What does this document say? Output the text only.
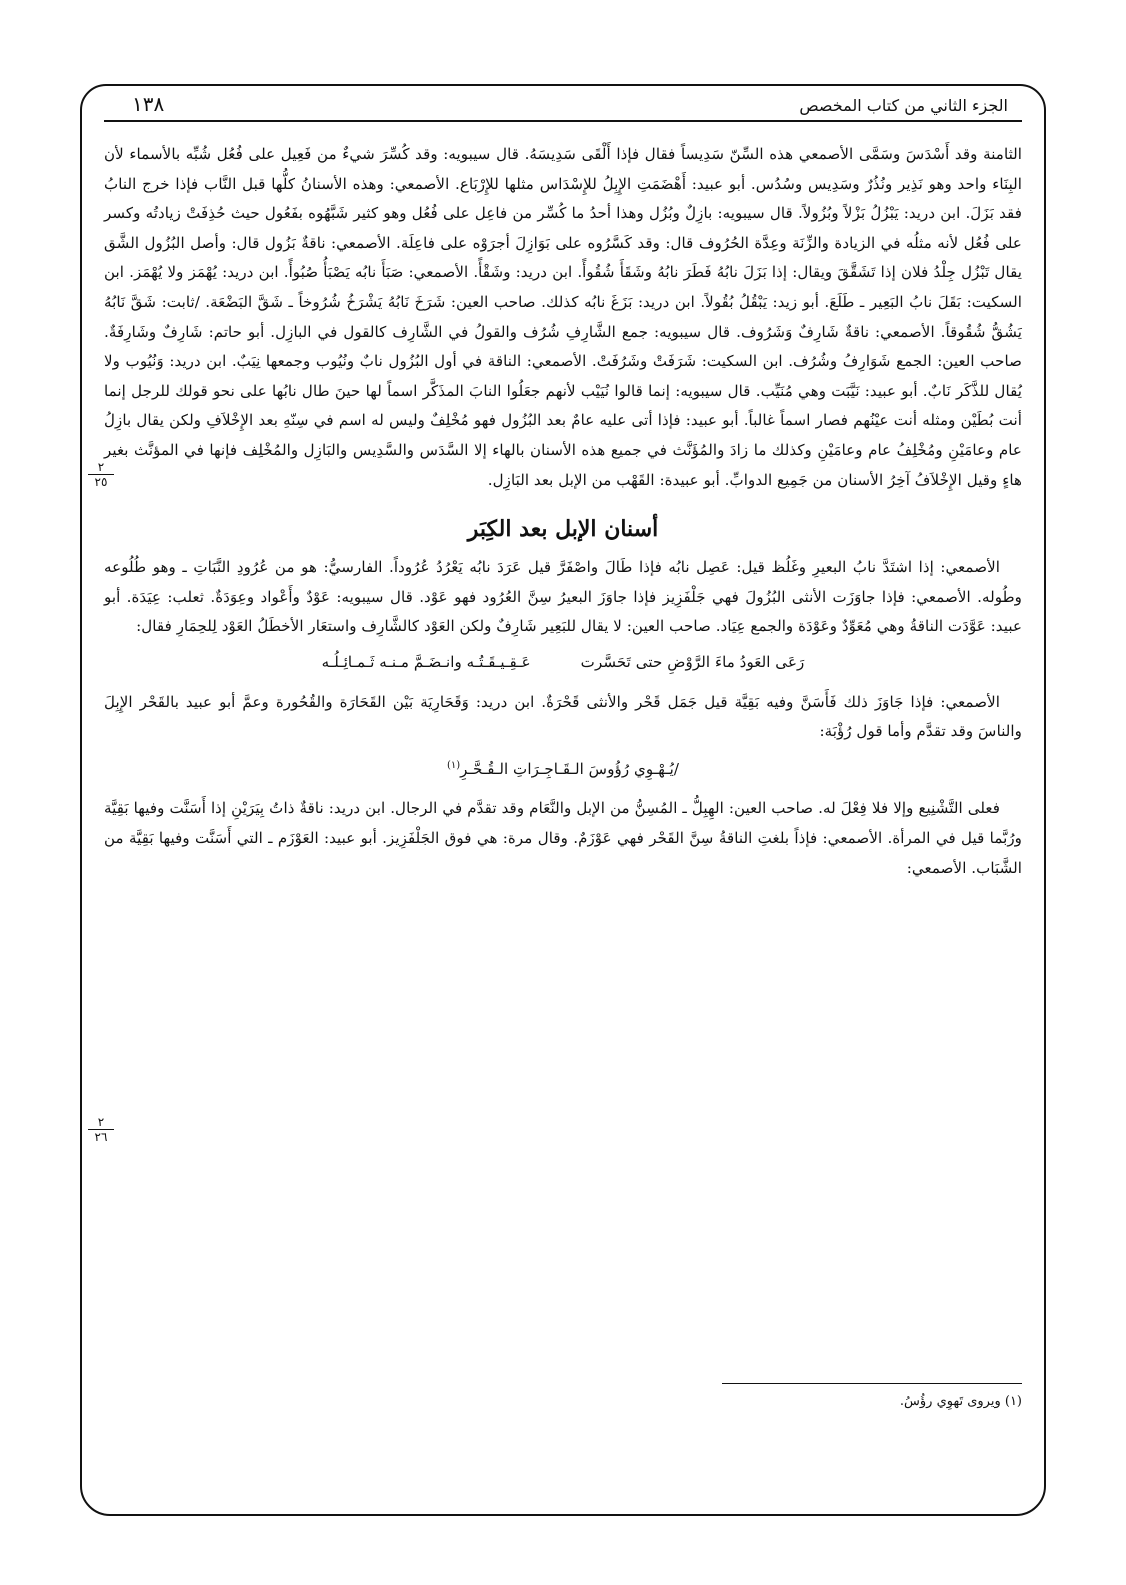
الجزء الثاني من كتاب المخصص
١٣٨
٢
٢٥
٢
٢٦

الثامنة وقد أَسْدَسَ وسَمَّى الأصمعي هذه السِّنّ سَدِيساً فقال فإذا أَلْقَى سَدِيسَهُ. قال سيبويه: وقد كُسِّرَ شيءٌ من فَعِيل على فُعُل شُبِّه بالأسماء لأن البِنَاء واحد وهو نَذِير ونُذُرٌ وسَدِيس وسُدُس. أبو عبيد: أَهْضَمَتِ الإِبِلُ للإِسْدَاس مثلها للإِرْبَاع. الأصمعي: وهذه الأسنانُ كلُّها قبل النَّاب فإذا خرج النابُ فقد بَزَلَ. ابن دريد: يَبْزُلُ بَزْلاً وبُزُولاً. قال سيبويه: بازِلٌ وبُزُل وهذا أحدُ ما كُسِّر من فاعِل على فُعُل وهو كثير شَبَّهُوه بفَعُول حيث حُذِفَتْ زيادتُه وكسر على فُعُل لأنه مثلُه في الزيادة والزِّنَة وعِدَّة الحُرُوف قال: وقد كَسَّرُوه على بَوَازِلَ أجرَوْه على فاعِلَة. الأصمعي: ناقةٌ بَزُول قال: وأصل البُزُول الشَّق يقال تَبْزُل جِلْدُ فلان إذا تَشَقَّقَ ويقال: إذا بَزَلَ نابُهُ فَطَرَ نابُهُ وشَقَأَ شُقُوأً. ابن دريد: وشَقْأً. الأصمعي: صَبَأَ نابُه يَصْبَأُ صُبُوأً. ابن دريد: يُهْمَز ولا يُهْمَز. ابن السكيت: بَقَلَ نابُ البَعِير ـ طَلَعَ. أبو زيد: يَبْقُلُ بُقُولاً. ابن دريد: بَزَغَ نابُه كذلك. صاحب العين: شَرَخَ نَابُهُ يَشْرَخُ شُرُوخاً ـ شَقَّ البَضْعَة. /ثابت: شَقَّ نَابُهُ يَشُقُّ شُقُوقاً. الأصمعي: ناقةٌ شَارِفٌ وَشَرُوف. قال سيبويه: جمع الشَّارِفِ شُرُف والقولُ في الشَّارِف كالقول في البازِل. أبو حاتم: شَارِفٌ وشَارِفَةٌ. صاحب العين: الجمع شَوَارِفُ وشُرُف. ابن السكيت: شَرَفَتْ وشَرُفَتْ. الأصمعي: الناقة في أول البُزُول نابٌ ونُيُوب وجمعها نِيَبٌ. ابن دريد: وَنُيُوب ولا يُقال للذَّكَر نَابٌ. أبو عبيد: نَيَّبَت وهي مُنَيِّب. قال سيبويه: إنما قالوا نُيَيْب لأنهم جعَلُوا النابَ المذَكَّر اسماً لها حينَ طال نابُها على نحو قولك للرجل إنما أنت بُطَيْن ومثله أنت عيْنُهم فصار اسماً غالباً. أبو عبيد: فإذا أتى عليه عامٌ بعد البُزُول فهو مُخْلِفٌ وليس له اسم في سِنّهِ بعد الإِخْلاَفِ ولكن يقال بازِلُ عام وعامَيْنِ ومُخْلِفُ عام وعامَيْنِ وكذلك ما زادَ والمُؤَنَّث في جميع هذه الأسنان بالهاء إلا السَّدَس والسَّدِيس والبَازِل والمُخْلِف فإنها في المؤنَّث بغير هاءٍ وقيل الإِخْلاَفُ آخِرُ الأسنان من جَمِيع الدوابِّ. أبو عبيدة: القَهْب من الإبل بعد البَازِل.

أسنان الإبل بعد الكِبَر

الأصمعي: إذا اشتَدَّ نابُ البعيرِ وغَلُظ قيل: عَصِل نابُه فإذا طَالَ واصْفَرَّ قيل عَرَدَ نابُه يَعْرُدُ عُرُوداً. الفارسيُّ: هو من عُرُودِ النَّبَاتِ ـ وهو طُلُوعه وطُوله. الأصمعي: فإذا جاوَزَت الأنثى البُزُولَ فهي جَلْفَزِيز فإذا جاوَزَ البعيرُ سِنَّ العُرُود فهو عَوْد. قال سيبويه: عَوْدٌ وأَعْواد وعِوَدَةٌ. ثعلب: عِيَدَة. أبو عبيد: عَوَّدَت الناقةُ وهي مُعَوِّدٌ وعَوْدَة والجمع عِيَاد. صاحب العين: لا يقال للبَعِير شَارِفٌ ولكن العَوْد كالشَّارِف واستعَار الأخطَلُ العَوْد لِلحِمَارِ فقال:

رَعَى العَودُ ماءَ الرَّوْضِ حتى تَحَسَّرت
عَـقِـيـقَـتُـه وانـضَـمَّ مـنـه ثَـمـائِـلُـه

الأصمعي: فإذا جَاوَزَ ذلك فَأَسَنَّ وفيه بَقِيَّة قيل جَمَل قَحْر والأنثى قَحْرَةٌ. ابن دريد: وَقَحَارِيَة بَيْن القَحَارَة والقُحُورة وعمَّ أبو عبيد بالقَحْر الإِبِلَ والناسَ وقد تقدَّم وأما قول رُؤْبَة:

/يُـهْـوِي رُؤُوسَ الـقَـاجِـرَاتِ الـقُـحَّـرِ$^{(١)}$

فعلى التَّشْنِيع وإلا فلا فِعْلَ له. صاحب العين: الهِبِلُّ ـ المُسِنُّ من الإبل والنَّعَام وقد تقدَّم في الرجال. ابن دريد: ناقةٌ ذاتُ بِيَرَيْنِ إذا أَسَنَّت وفيها بَقِيَّة ورُبَّما قيل في المرأة. الأصمعي: فإذاً بلغتِ الناقةُ سِنَّ القَحْر فهي عَوْزَمٌ. وقال مرة: هي فوق الجَلْفَزِيز. أبو عبيد: العَوْزَم ـ التي أَسَنَّت وفيها بَقِيَّة من الشَّبَاب. الأصمعي:

(١) ويروى تَهوِي رؤُسُ.
